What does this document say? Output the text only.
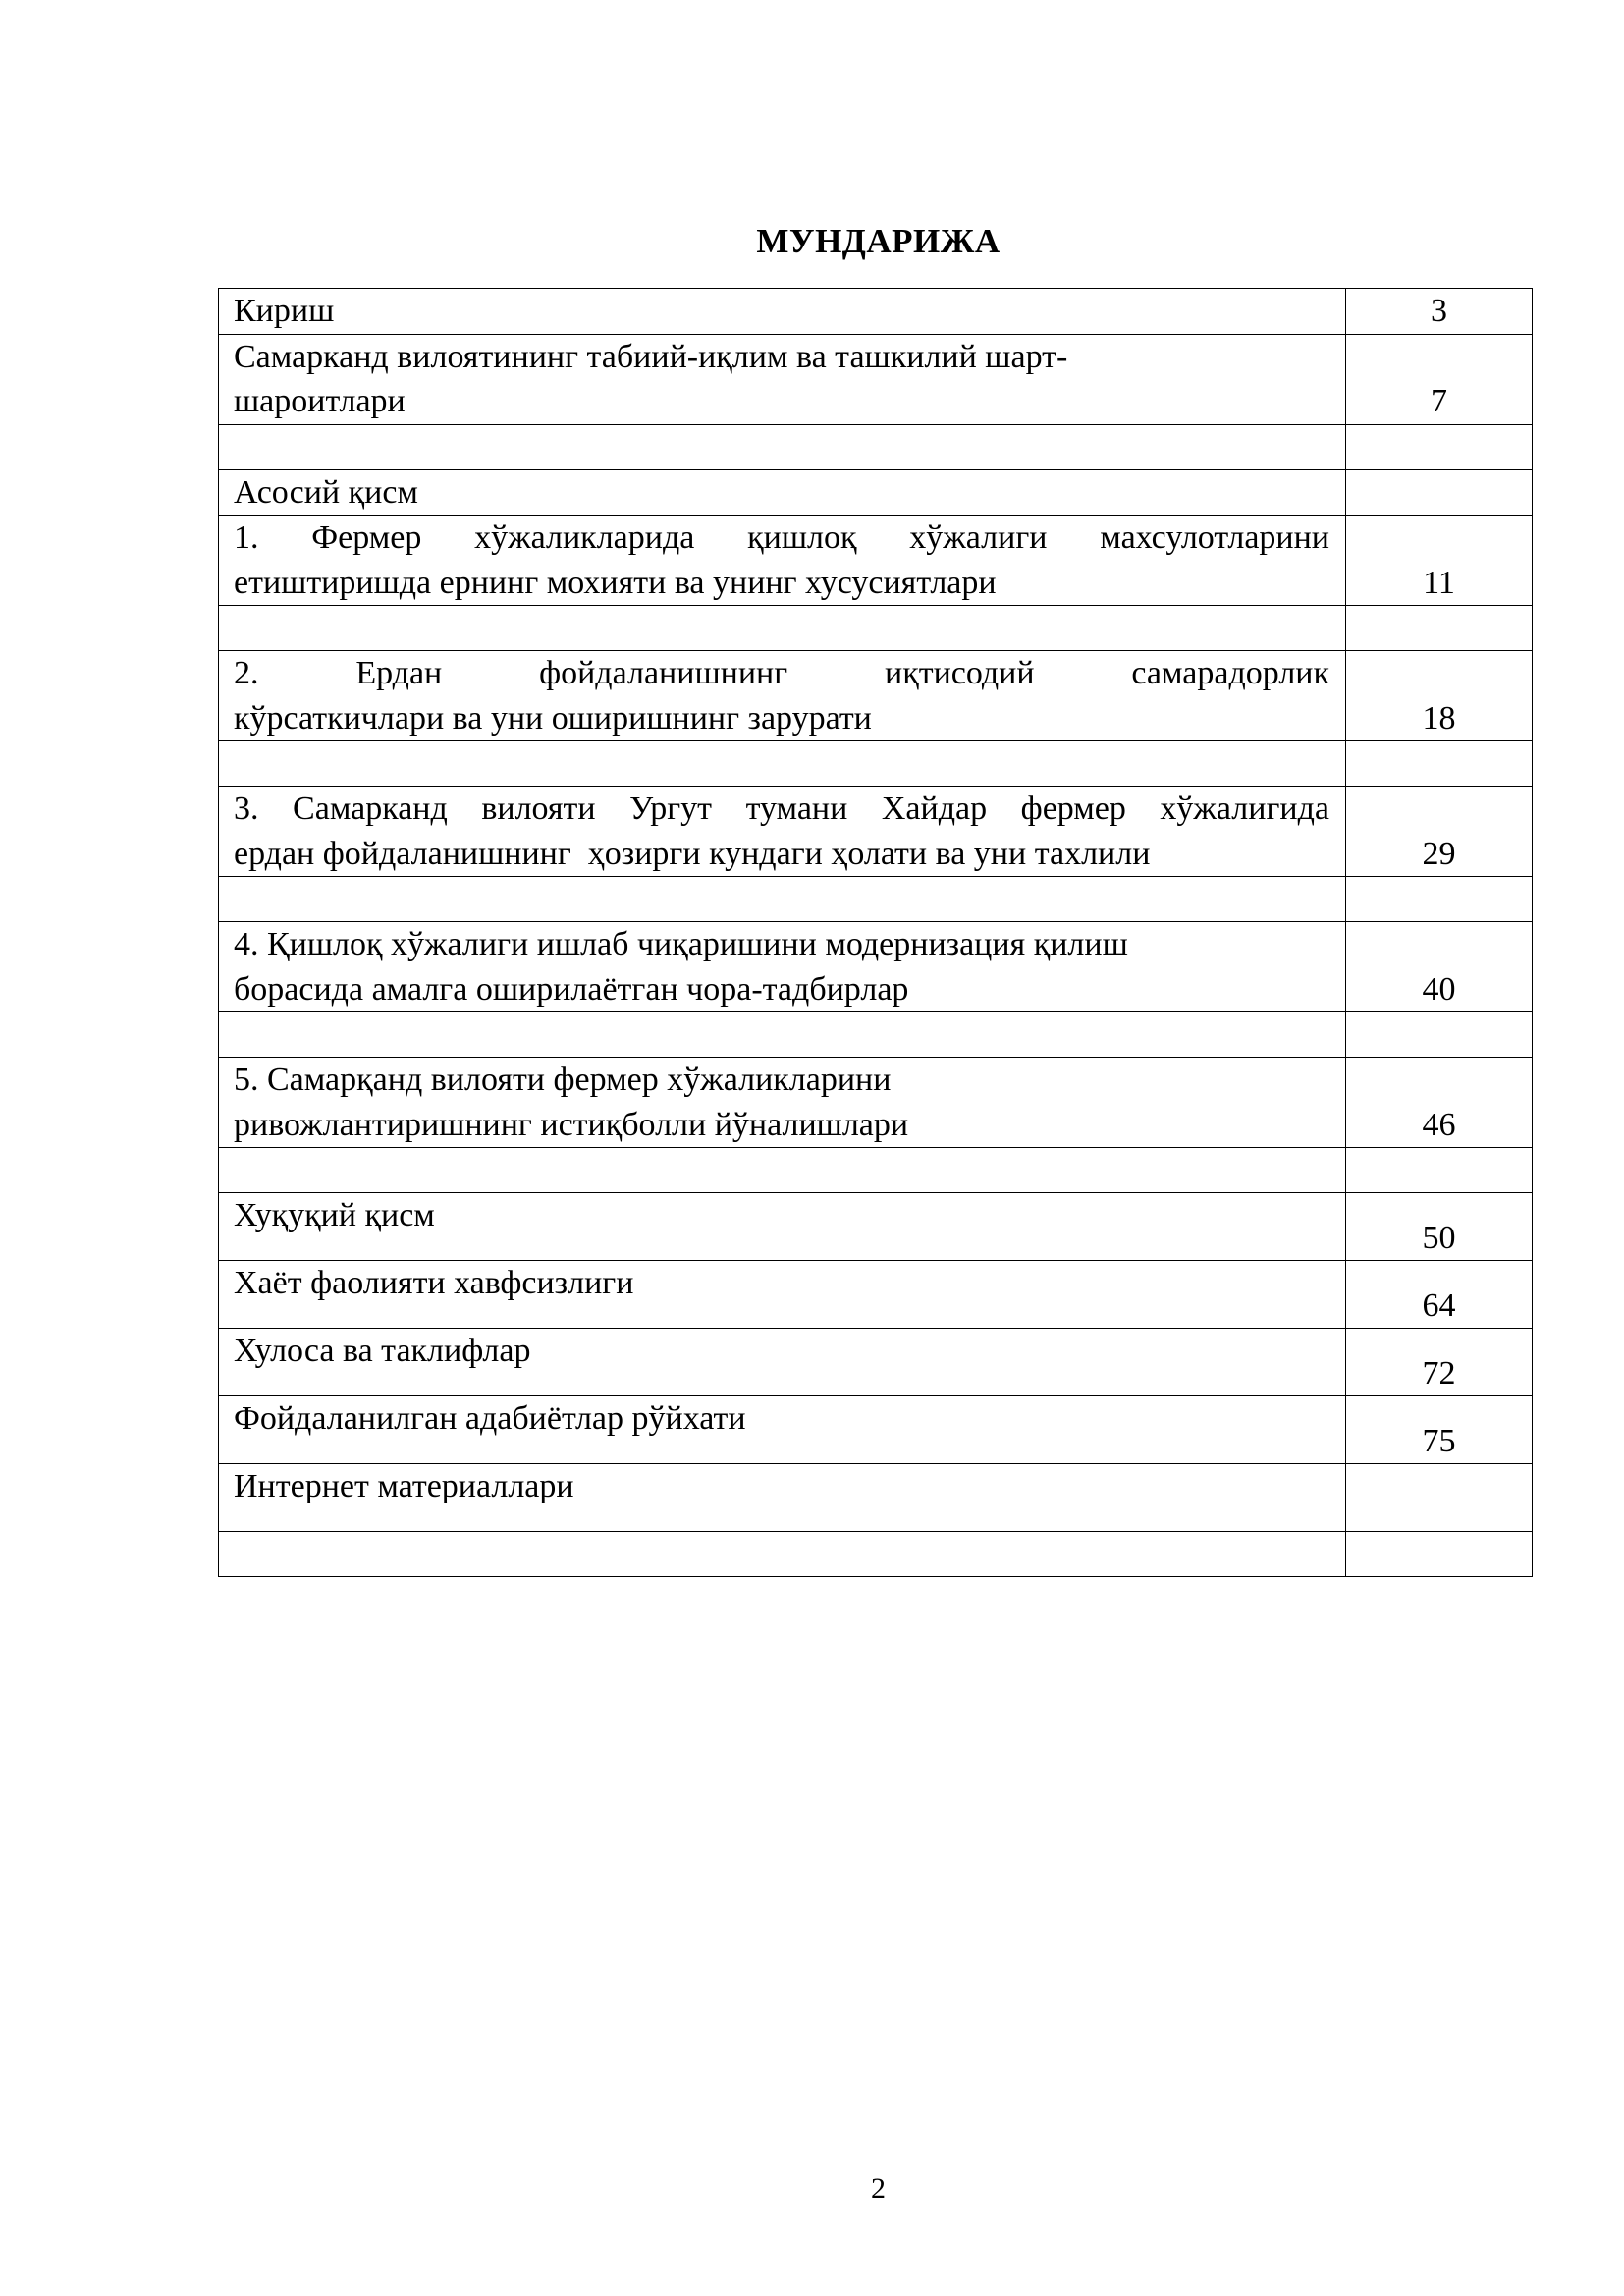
МУНДАРИЖА
Кириш	3

Самарканд вилоятининг табиий-иқлим ва ташкилий шарт-
шароитлари	7

Асосий қисм	

1. Фермер хўжаликларида қишлоқ хўжалиги махсулотларини
етиштиришда ернинг мохияти ва унинг хусусиятлари	11

2. Ердан фойдаланишнинг иқтисодий самарадорлик
кўрсаткичлари ва уни оширишнинг зарурати	18

3. Самарканд вилояти Ургут тумани Хайдар фермер хўжалигида
ердан фойдаланишнинг  ҳозирги кундаги ҳолати ва уни тахлили	29

4. Қишлоқ хўжалиги ишлаб чиқаришини модернизация қилиш
борасида амалга оширилаётган чора-тадбирлар	40

5. Самарқанд вилояти фермер хўжаликларини
ривожлантиришнинг истиқболли йўналишлари	46

Хуқуқий қисм	50
Хаёт фаолияти хавфсизлиги	64
Хулоса ва таклифлар	72
Фойдаланилган адабиётлар рўйхати	75
Интернет материаллари	

2
